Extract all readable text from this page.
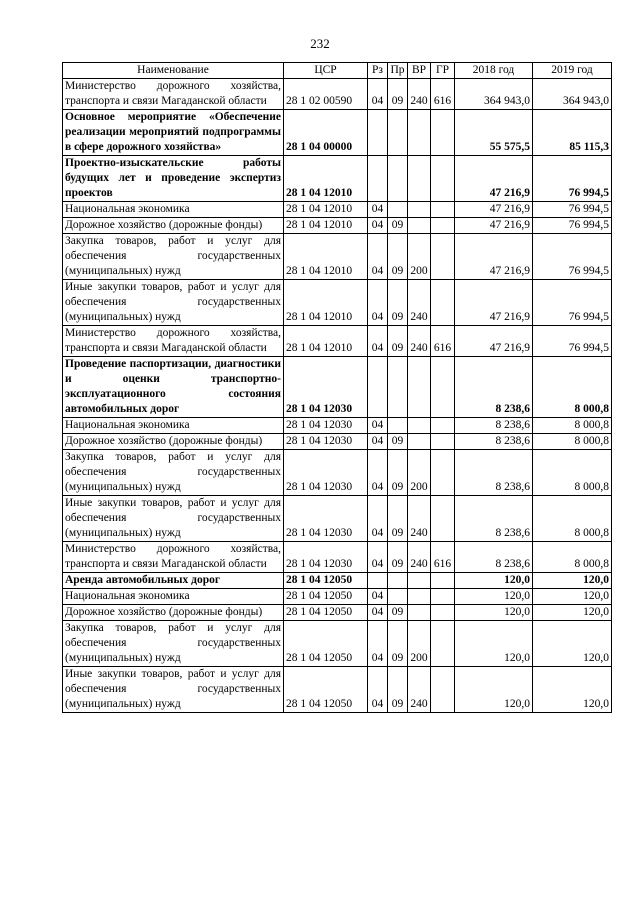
232
Наименование	ЦСР	Рз	Пр	ВР	ГР	2018 год	2019 год
Министерство дорожного хозяйства, транспорта и связи Магаданской области	28 1 02 00590	04	09	240	616	364 943,0	364 943,0
Основное мероприятие «Обеспечение реализации мероприятий подпрограммы в сфере дорожного хозяйства»	28 1 04 00000					55 575,5	85 115,3
Проектно-изыскательские работы будущих лет и проведение экспертиз проектов	28 1 04 12010					47 216,9	76 994,5
Национальная экономика	28 1 04 12010	04				47 216,9	76 994,5
Дорожное хозяйство (дорожные фонды)	28 1 04 12010	04	09			47 216,9	76 994,5
Закупка товаров, работ и услуг для обеспечения государственных (муниципальных) нужд	28 1 04 12010	04	09	200		47 216,9	76 994,5
Иные закупки товаров, работ и услуг для обеспечения государственных (муниципальных) нужд	28 1 04 12010	04	09	240		47 216,9	76 994,5
Министерство дорожного хозяйства, транспорта и связи Магаданской области	28 1 04 12010	04	09	240	616	47 216,9	76 994,5
Проведение паспортизации, диагностики и оценки транспортно-эксплуатационного состояния автомобильных дорог	28 1 04 12030					8 238,6	8 000,8
Национальная экономика	28 1 04 12030	04				8 238,6	8 000,8
Дорожное хозяйство (дорожные фонды)	28 1 04 12030	04	09			8 238,6	8 000,8
Закупка товаров, работ и услуг для обеспечения государственных (муниципальных) нужд	28 1 04 12030	04	09	200		8 238,6	8 000,8
Иные закупки товаров, работ и услуг для обеспечения государственных (муниципальных) нужд	28 1 04 12030	04	09	240		8 238,6	8 000,8
Министерство дорожного хозяйства, транспорта и связи Магаданской области	28 1 04 12030	04	09	240	616	8 238,6	8 000,8
Аренда автомобильных дорог	28 1 04 12050					120,0	120,0
Национальная экономика	28 1 04 12050	04				120,0	120,0
Дорожное хозяйство (дорожные фонды)	28 1 04 12050	04	09			120,0	120,0
Закупка товаров, работ и услуг для обеспечения государственных (муниципальных) нужд	28 1 04 12050	04	09	200		120,0	120,0
Иные закупки товаров, работ и услуг для обеспечения государственных (муниципальных) нужд	28 1 04 12050	04	09	240		120,0	120,0
